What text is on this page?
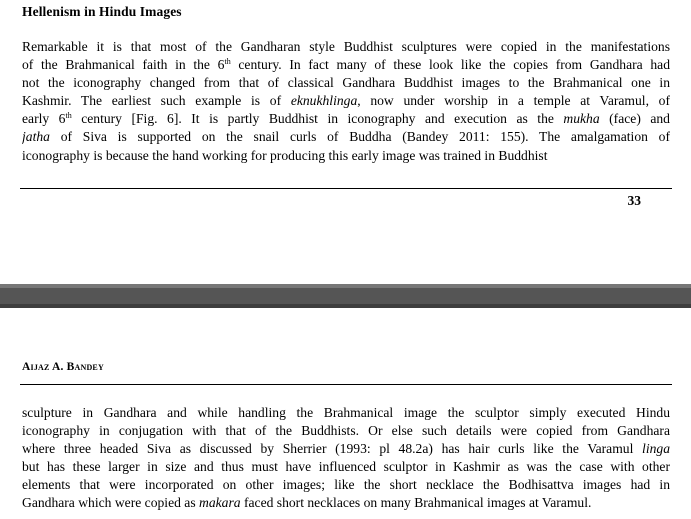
Hellenism in Hindu Images
Remarkable it is that most of the Gandharan style Buddhist sculptures were copied in the manifestations
of the Brahmanical faith in the 6th century. In fact many of these look like the copies from Gandhara had
not the iconography changed from that of classical Gandhara Buddhist images to the Brahmanical one in
Kashmir. The earliest such example is of eknukhlinga, now under worship in a temple at Varamul, of
early 6th century [Fig. 6]. It is partly Buddhist in iconography and execution as the mukha (face) and
jatha of Siva is supported on the snail curls of Buddha (Bandey 2011: 155). The amalgamation of
iconography is because the hand working for producing this early image was trained in Buddhist
33
Aijaz A. Bandey
sculpture in Gandhara and while handling the Brahmanical image the sculptor simply executed Hindu
iconography in conjugation with that of the Buddhists. Or else such details were copied from Gandhara
where three headed Siva as discussed by Sherrier (1993: pl 48.2a) has hair curls like the Varamul linga
but has these larger in size and thus must have influenced sculptor in Kashmir as was the case with other
elements that were incorporated on other images; like the short necklace the Bodhisattva images had in
Gandhara which were copied as makara faced short necklaces on many Brahmanical images at Varamul.
